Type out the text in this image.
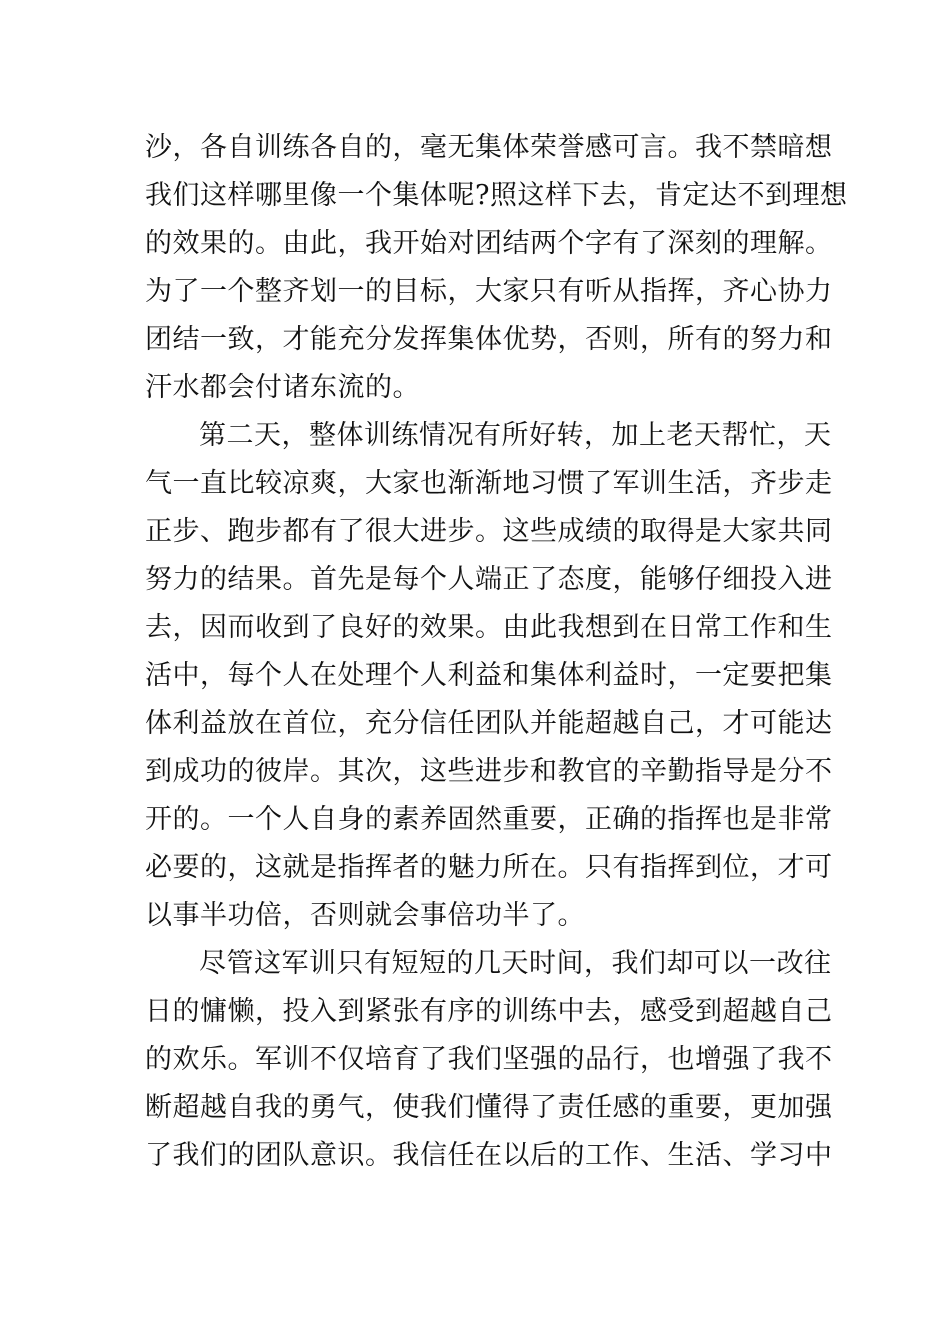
沙，各自训练各自的，毫无集体荣誉感可言。我不禁暗想
我们这样哪里像一个集体呢?照这样下去，肯定达不到理想
的效果的。由此，我开始对团结两个字有了深刻的理解。
为了一个整齐划一的目标，大家只有听从指挥，齐心协力
团结一致，才能充分发挥集体优势，否则，所有的努力和
汗水都会付诸东流的。
第二天，整体训练情况有所好转，加上老天帮忙，天
气一直比较凉爽，大家也渐渐地习惯了军训生活，齐步走
正步、跑步都有了很大进步。这些成绩的取得是大家共同
努力的结果。首先是每个人端正了态度，能够仔细投入进
去，因而收到了良好的效果。由此我想到在日常工作和生
活中，每个人在处理个人利益和集体利益时，一定要把集
体利益放在首位，充分信任团队并能超越自己，才可能达
到成功的彼岸。其次，这些进步和教官的辛勤指导是分不
开的。一个人自身的素养固然重要，正确的指挥也是非常
必要的，这就是指挥者的魅力所在。只有指挥到位，才可
以事半功倍，否则就会事倍功半了。
尽管这军训只有短短的几天时间，我们却可以一改往
日的慵懒，投入到紧张有序的训练中去，感受到超越自己
的欢乐。军训不仅培育了我们坚强的品行，也增强了我不
断超越自我的勇气，使我们懂得了责任感的重要，更加强
了我们的团队意识。我信任在以后的工作、生活、学习中
